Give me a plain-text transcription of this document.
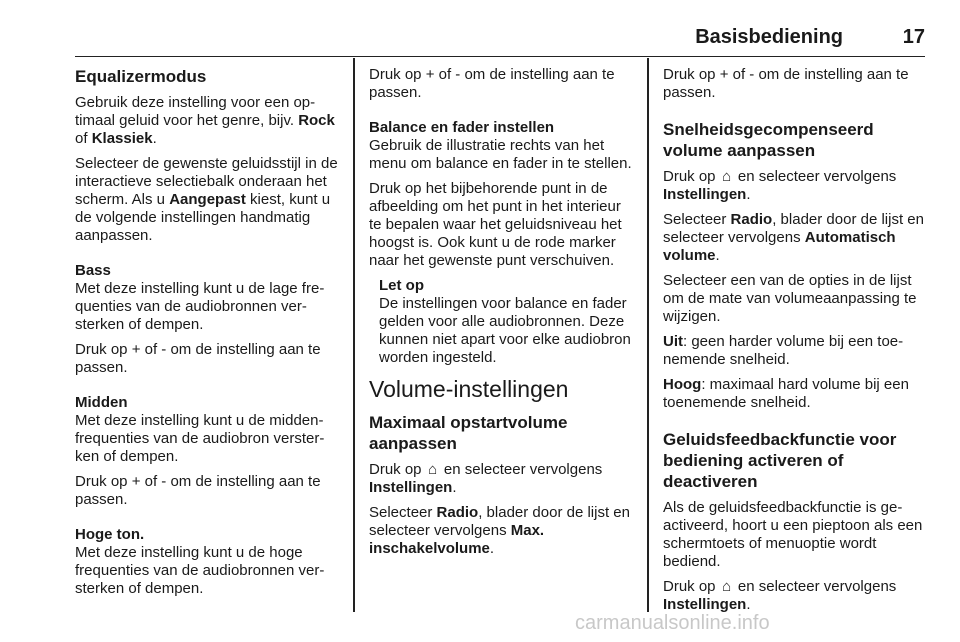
Basisbediening	17
Equalizermodus

Gebruik deze instelling voor een optimaal geluid voor het genre, bijv. Rock of Klassiek.

Selecteer de gewenste geluidsstijl in de interactieve selectiebalk onderaan het scherm. Als u Aangepast kiest, kunt u de volgende instellingen handmatig aanpassen.

Bass

Met deze instelling kunt u de lage frequenties van de audiobronnen versterken of dempen.

Druk op + of - om de instelling aan te passen.

Midden

Met deze instelling kunt u de middenfrequenties van de audiobron versterken of dempen.

Druk op + of - om de instelling aan te passen.

Hoge ton.

Met deze instelling kunt u de hoge frequenties van de audiobronnen versterken of dempen.

Druk op + of - om de instelling aan te passen.

Balance en fader instellen

Gebruik de illustratie rechts van het menu om balance en fader in te stellen.

Druk op het bijbehorende punt in de afbeelding om het punt in het interieur te bepalen waar het geluidsniveau het hoogst is. Ook kunt u de rode marker naar het gewenste punt verschuiven.

Let op

De instellingen voor balance en fader gelden voor alle audiobronnen. Deze kunnen niet apart voor elke audiobron worden ingesteld.

Volume-instellingen
Maximaal opstartvolume aanpassen

Druk op ⌂ en selecteer vervolgens Instellingen.

Selecteer Radio, blader door de lijst en selecteer vervolgens Max. inschakelvolume.

Druk op + of - om de instelling aan te passen.

Snelheidsgecompenseerd volume aanpassen

Druk op ⌂ en selecteer vervolgens Instellingen.

Selecteer Radio, blader door de lijst en selecteer vervolgens Automatisch volume.

Selecteer een van de opties in de lijst om de mate van volumeaanpassing te wijzigen.

Uit: geen harder volume bij een toenemende snelheid.

Hoog: maximaal hard volume bij een toenemende snelheid.

Geluidsfeedbackfunctie voor bediening activeren of deactiveren

Als de geluidsfeedbackfunctie is geactiveerd, hoort u een pieptoon als een schermtoets of menuoptie wordt bediend.

Druk op ⌂ en selecteer vervolgens Instellingen.

carmanualsonline.info
